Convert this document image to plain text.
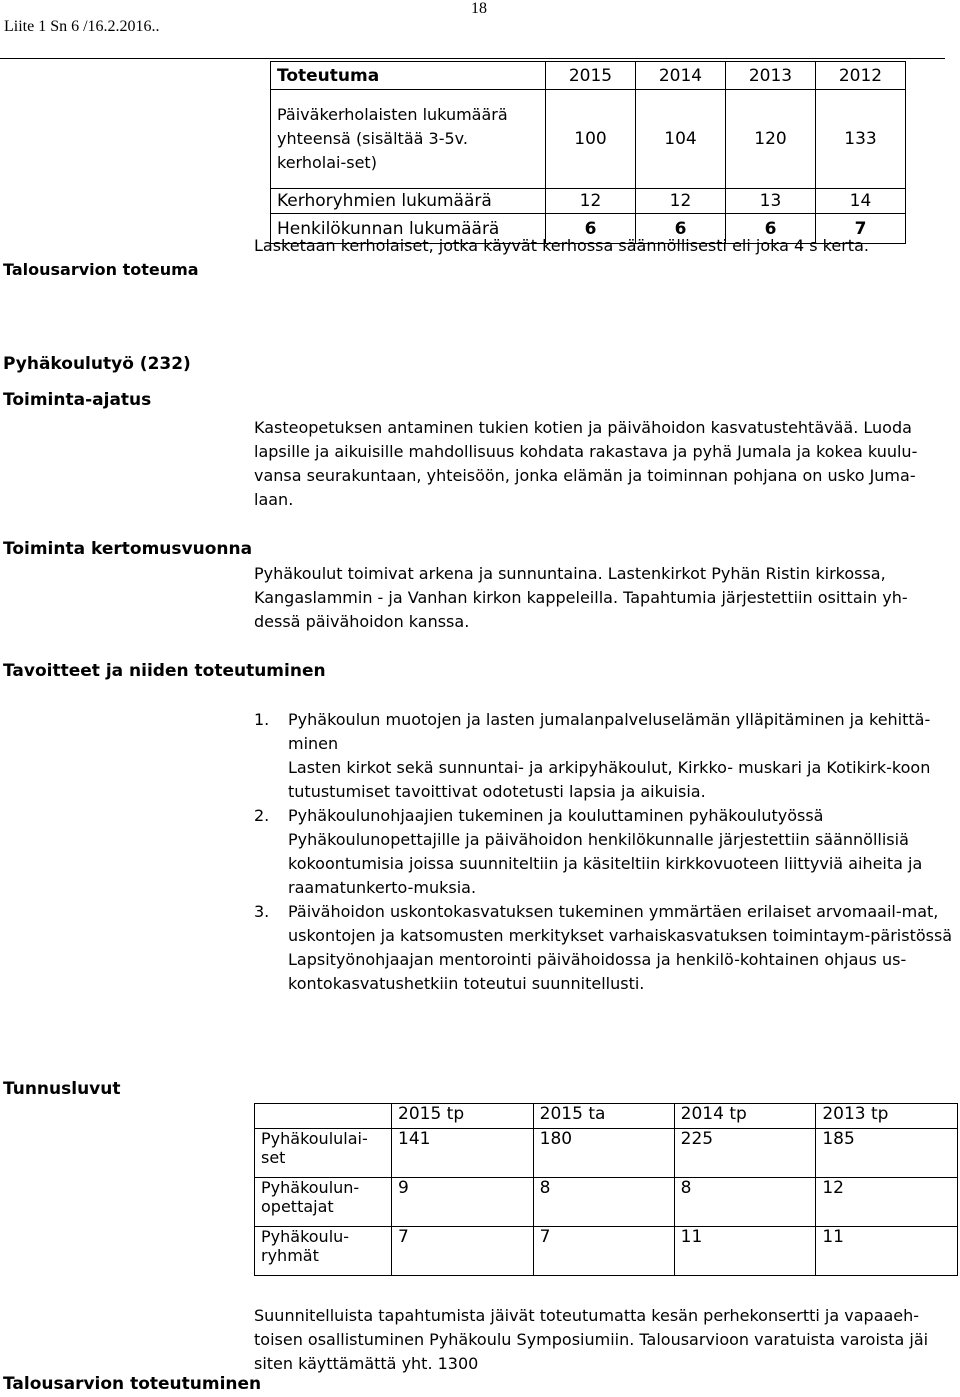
Liite 1 Sn 6 /16.2.2016..
18
Toteutuma	2015	2014	2013	2012
Päiväkerholaisten lukumäärä yhteensä (sisältää 3-5v. kerholai-set)	100	104	120	133
Kerhoryhmien lukumäärä	12	12	13	14
Henkilökunnan lukumäärä	6	6	6	7
Lasketaan kerholaiset, jotka käyvät kerhossa säännöllisesti eli joka 4 s kerta.
Talousarvion toteuma
Pyhäkoulutyö (232)
Toiminta-ajatus
Kasteopetuksen antaminen tukien kotien ja päivähoidon kasvatustehtävää. Luoda lapsille ja aikuisille mahdollisuus kohdata rakastava ja pyhä Jumala ja kokea kuulu-vansa seurakuntaan, yhteisöön, jonka elämän ja toiminnan pohjana on usko Juma-laan.
Toiminta kertomusvuonna
Pyhäkoulut toimivat arkena ja sunnuntaina. Lastenkirkot Pyhän Ristin kirkossa, Kangaslammin - ja Vanhan kirkon kappeleilla. Tapahtumia järjestettiin osittain yh-dessä päivähoidon kanssa.
Tavoitteet ja niiden toteutuminen
1. Pyhäkoulun muotojen ja lasten jumalanpalveluselämän ylläpitäminen ja kehittä-minen
Lasten kirkot sekä sunnuntai- ja arkipyhäkoulut, Kirkko- muskari ja Kotikirk-koon tutustumiset tavoittivat odotetusti lapsia ja aikuisia.
2. Pyhäkoulunohjaajien tukeminen ja kouluttaminen pyhäkoulutyössä
Pyhäkoulunopettajille ja päivähoidon henkilökunnalle järjestettiin säännöllisiä kokoontumisia joissa suunniteltiin ja käsiteltiin kirkkovuoteen liittyviä aiheita ja raamatunkerto-muksia.
3. Päivähoidon uskontokasvatuksen tukeminen ymmärtäen erilaiset arvomaail-mat, uskontojen ja katsomusten merkitykset varhaiskasvatuksen toimintaym-päristössä
Lapsityönohjaajan mentorointi päivähoidossa ja henkilö-kohtainen ohjaus us-kontokasvatushetkiin toteutui suunnitellusti.
Tunnusluvut
	2015 tp	2015 ta	2014 tp	2013 tp
Pyhäkoululai-set	141	180	225	185
Pyhäkoulun-opettajat	9	8	8	12
Pyhäkoulu-ryhmät	7	7	11	11
Suunnitelluista tapahtumista jäivät toteutumatta kesän perhekonsertti ja vapaaeh-toisen osallistuminen Pyhäkoulu Symposiumiin. Talousarvioon varatuista varoista jäi siten käyttämättä yht. 1300
Talousarvion toteutuminen
